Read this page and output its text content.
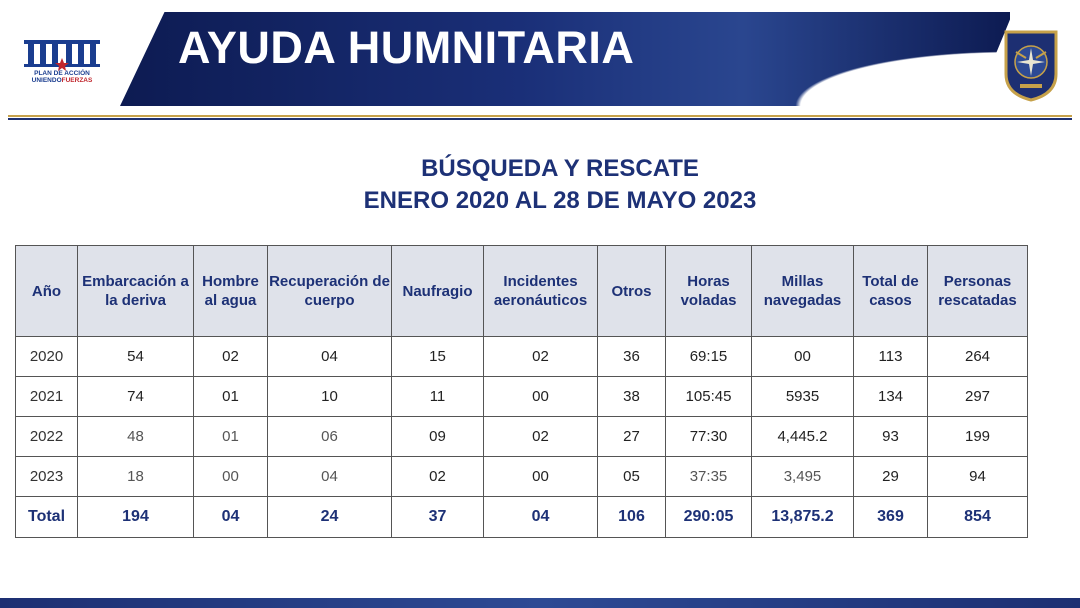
PLAN DE ACCIÓN
UNIENDOFUERZAS
AYUDA HUMNITARIA
BÚSQUEDA Y RESCATE
ENERO 2020 AL 28 DE MAYO 2023
Año	Embarcación a la deriva	Hombre al agua	Recuperación de cuerpo	Naufragio	Incidentes aeronáuticos	Otros	Horas voladas	Millas navegadas	Total de casos	Personas rescatadas
2020	54	02	04	15	02	36	69:15	00	113	264
2021	74	01	10	11	00	38	105:45	5935	134	297
2022	48	01	06	09	02	27	77:30	4,445.2	93	199
2023	18	00	04	02	00	05	37:35	3,495	29	94
Total	194	04	24	37	04	106	290:05	13,875.2	369	854
